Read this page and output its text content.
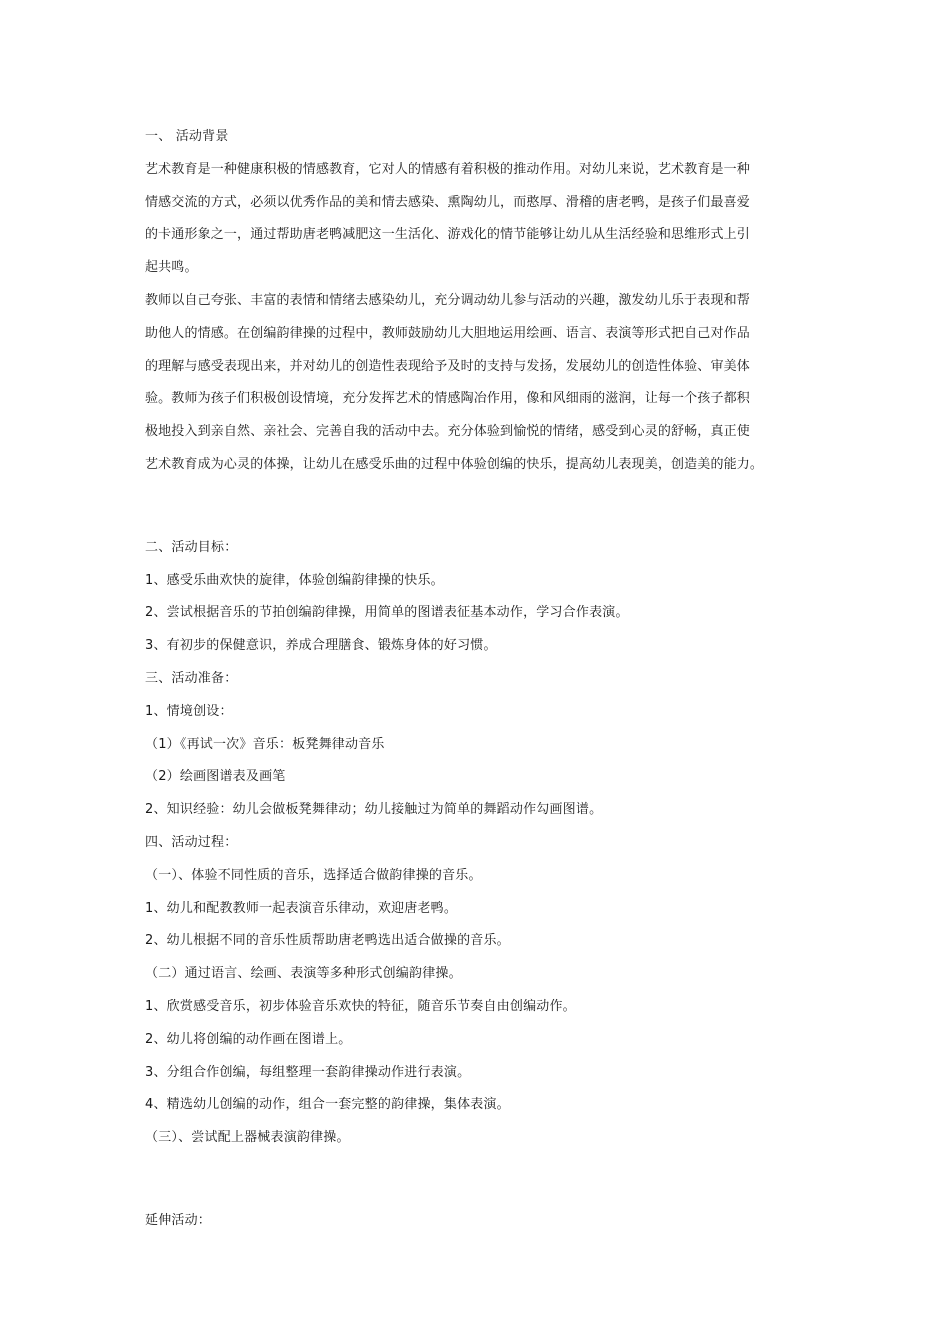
一、 活动背景
艺术教育是一种健康积极的情感教育，它对人的情感有着积极的推动作用。对幼儿来说，艺术教育是一种
情感交流的方式，必须以优秀作品的美和情去感染、熏陶幼儿，而憨厚、滑稽的唐老鸭，是孩子们最喜爱
的卡通形象之一，通过帮助唐老鸭减肥这一生活化、游戏化的情节能够让幼儿从生活经验和思维形式上引
起共鸣。
教师以自己夸张、丰富的表情和情绪去感染幼儿，充分调动幼儿参与活动的兴趣，激发幼儿乐于表现和帮
助他人的情感。在创编韵律操的过程中，教师鼓励幼儿大胆地运用绘画、语言、表演等形式把自己对作品
的理解与感受表现出来，并对幼儿的创造性表现给予及时的支持与发扬，发展幼儿的创造性体验、审美体
验。教师为孩子们积极创设情境，充分发挥艺术的情感陶冶作用，像和风细雨的滋润，让每一个孩子都积
极地投入到亲自然、亲社会、完善自我的活动中去。充分体验到愉悦的情绪，感受到心灵的舒畅，真正使
艺术教育成为心灵的体操，让幼儿在感受乐曲的过程中体验创编的快乐，提高幼儿表现美，创造美的能力。
二、活动目标：
1、感受乐曲欢快的旋律，体验创编韵律操的快乐。
2、尝试根据音乐的节拍创编韵律操，用简单的图谱表征基本动作，学习合作表演。
3、有初步的保健意识，养成合理膳食、锻炼身体的好习惯。
三、活动准备：
1、情境创设：
（1）《再试一次》音乐：板凳舞律动音乐
（2）绘画图谱表及画笔
2、知识经验：幼儿会做板凳舞律动；幼儿接触过为简单的舞蹈动作勾画图谱。
四、活动过程：
（一）、体验不同性质的音乐，选择适合做韵律操的音乐。
1、幼儿和配教教师一起表演音乐律动，欢迎唐老鸭。
2、幼儿根据不同的音乐性质帮助唐老鸭选出适合做操的音乐。
（二）通过语言、绘画、表演等多种形式创编韵律操。
1、欣赏感受音乐，初步体验音乐欢快的特征，随音乐节奏自由创编动作。
2、幼儿将创编的动作画在图谱上。
3、分组合作创编，每组整理一套韵律操动作进行表演。
4、精选幼儿创编的动作，组合一套完整的韵律操，集体表演。
（三）、尝试配上器械表演韵律操。
延伸活动：
